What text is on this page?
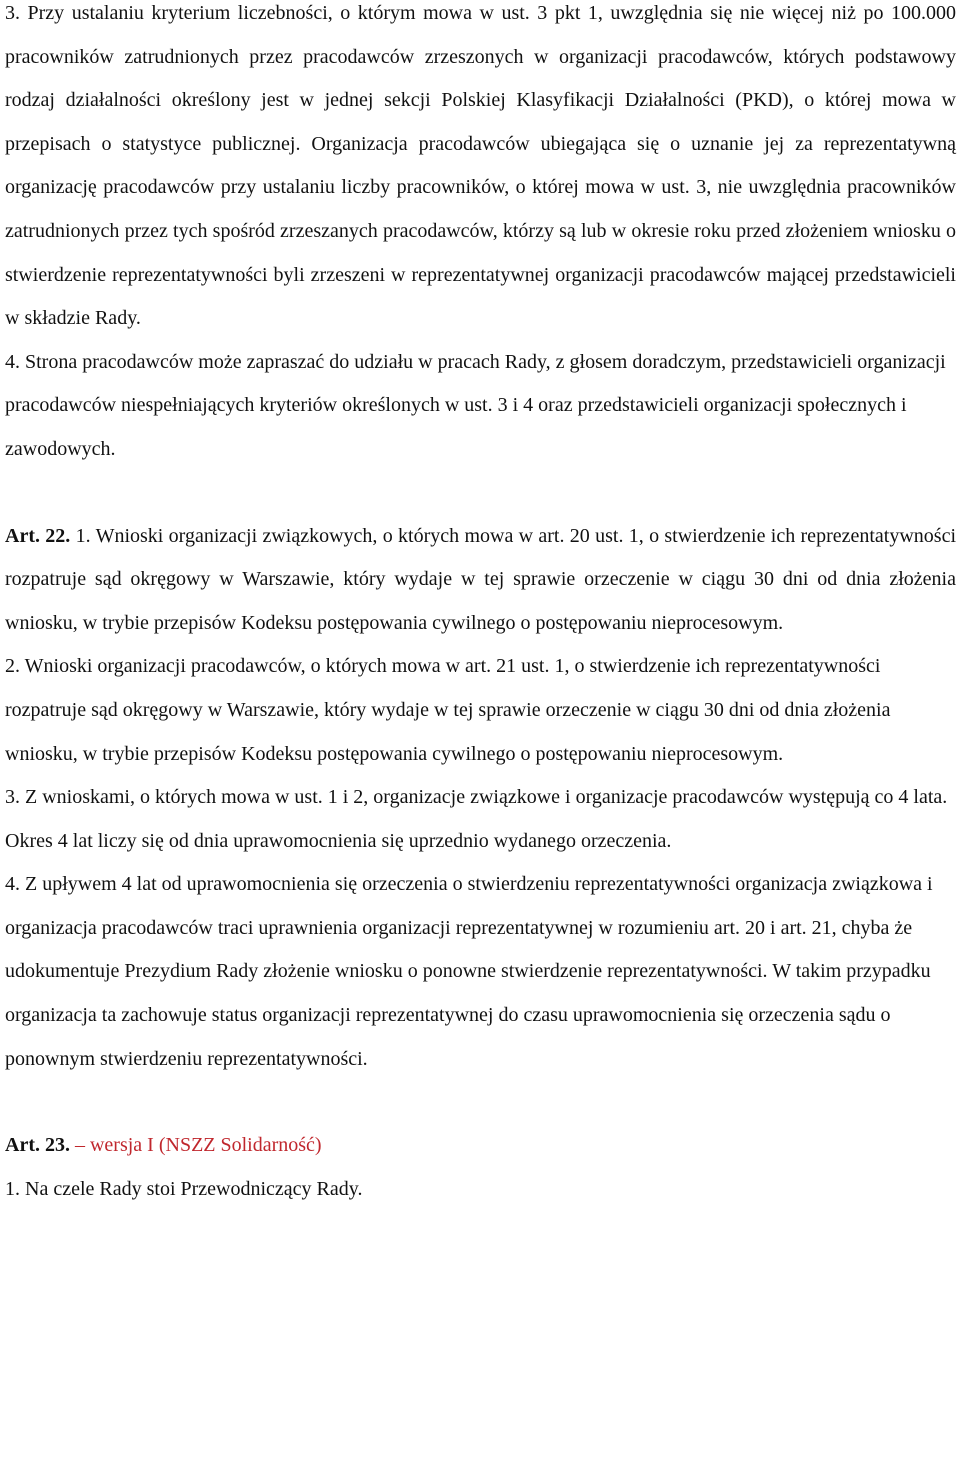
3. Przy ustalaniu kryterium liczebności, o którym mowa w ust. 3 pkt 1, uwzględnia się nie więcej niż po 100.000 pracowników zatrudnionych przez pracodawców zrzeszonych w organizacji pracodawców, których podstawowy rodzaj działalności określony jest w jednej sekcji Polskiej Klasyfikacji Działalności (PKD), o której mowa w przepisach o statystyce publicznej. Organizacja pracodawców ubiegająca się o uznanie jej za reprezentatywną organizację pracodawców przy ustalaniu liczby pracowników, o której mowa w ust. 3, nie uwzględnia pracowników zatrudnionych przez tych spośród zrzeszanych pracodawców, którzy są lub w okresie roku przed złożeniem wniosku o stwierdzenie reprezentatywności byli zrzeszeni w reprezentatywnej organizacji pracodawców mającej przedstawicieli w składzie Rady.

4. Strona pracodawców może zapraszać do udziału w pracach Rady, z głosem doradczym, przedstawicieli organizacji pracodawców niespełniających kryteriów określonych w ust. 3 i 4 oraz przedstawicieli organizacji społecznych i zawodowych.

Art. 22. 1. Wnioski organizacji związkowych, o których mowa w art. 20 ust. 1, o stwierdzenie ich reprezentatywności rozpatruje sąd okręgowy w Warszawie, który wydaje w tej sprawie orzeczenie w ciągu 30 dni od dnia złożenia wniosku, w trybie przepisów Kodeksu postępowania cywilnego o postępowaniu nieprocesowym.

2. Wnioski organizacji pracodawców, o których mowa w art. 21 ust. 1, o stwierdzenie ich reprezentatywności rozpatruje sąd okręgowy w Warszawie, który wydaje w tej sprawie orzeczenie w ciągu 30 dni od dnia złożenia wniosku, w trybie przepisów Kodeksu postępowania cywilnego o postępowaniu nieprocesowym.

3. Z wnioskami, o których mowa w ust. 1 i 2, organizacje związkowe i organizacje pracodawców występują co 4 lata. Okres 4 lat liczy się od dnia uprawomocnienia się uprzednio wydanego orzeczenia.

4. Z upływem 4 lat od uprawomocnienia się orzeczenia o stwierdzeniu reprezentatywności organizacja związkowa i organizacja pracodawców traci uprawnienia organizacji reprezentatywnej w rozumieniu art. 20 i art. 21, chyba że udokumentuje Prezydium Rady złożenie wniosku o ponowne stwierdzenie reprezentatywności. W takim przypadku organizacja ta zachowuje status organizacji reprezentatywnej do czasu uprawomocnienia się orzeczenia sądu o ponownym stwierdzeniu reprezentatywności.

Art. 23. – wersja I (NSZZ Solidarność)

1. Na czele Rady stoi Przewodniczący Rady.
